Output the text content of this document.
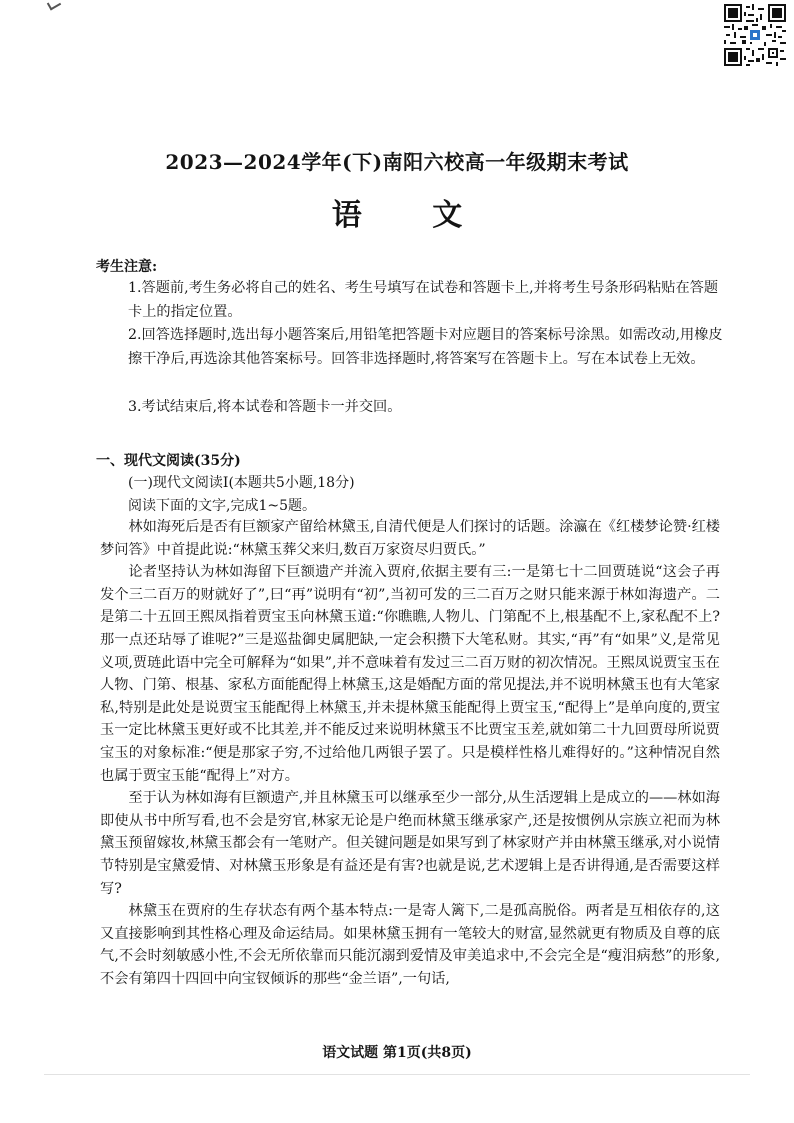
2023—2024学年(下)南阳六校高一年级期末考试
语 文
考生注意:
1.答题前,考生务必将自己的姓名、考生号填写在试卷和答题卡上,并将考生号条形码粘贴在答题卡上的指定位置。
2.回答选择题时,选出每小题答案后,用铅笔把答题卡对应题目的答案标号涂黑。如需改动,用橡皮擦干净后,再选涂其他答案标号。回答非选择题时,将答案写在答题卡上。写在本试卷上无效。
3.考试结束后,将本试卷和答题卡一并交回。
一、现代文阅读(35分)
(一)现代文阅读Ⅰ(本题共5小题,18分)
阅读下面的文字,完成1~5题。

林如海死后是否有巨额家产留给林黛玉,自清代便是人们探讨的话题。涂瀛在《红楼梦论赞·红楼梦问答》中首提此说:“林黛玉葬父来归,数百万家资尽归贾氏。”

论者坚持认为林如海留下巨额遗产并流入贾府,依据主要有三:一是第七十二回贾琏说“这会子再发个三二百万的财就好了”,曰“再”说明有“初”,当初可发的三二百万之财只能来源于林如海遗产。二是第二十五回王熙凤指着贾宝玉向林黛玉道:“你瞧瞧,人物儿、门第配不上,根基配不上,家私配不上?那一点还玷辱了谁呢?”三是巡盐御史属肥缺,一定会积攒下大笔私财。其实,“再”有“如果”义,是常见义项,贾琏此语中完全可解释为“如果”,并不意味着有发过三二百万财的初次情况。王熙凤说贾宝玉在人物、门第、根基、家私方面能配得上林黛玉,这是婚配方面的常见提法,并不说明林黛玉也有大笔家私,特别是此处是说贾宝玉能配得上林黛玉,并未提林黛玉能配得上贾宝玉,“配得上”是单向度的,贾宝玉一定比林黛玉更好或不比其差,并不能反过来说明林黛玉不比贾宝玉差,就如第二十九回贾母所说贾宝玉的对象标准:“便是那家子穷,不过给他几两银子罢了。只是模样性格儿难得好的。”这种情况自然也属于贾宝玉能“配得上”对方。

至于认为林如海有巨额遗产,并且林黛玉可以继承至少一部分,从生活逻辑上是成立的——林如海即使从书中所写看,也不会是穷官,林家无论是户绝而林黛玉继承家产,还是按惯例从宗族立祀而为林黛玉预留嫁妆,林黛玉都会有一笔财产。但关键问题是如果写到了林家财产并由林黛玉继承,对小说情节特别是宝黛爱情、对林黛玉形象是有益还是有害?也就是说,艺术逻辑上是否讲得通,是否需要这样写?

林黛玉在贾府的生存状态有两个基本特点:一是寄人篱下,二是孤高脱俗。两者是互相依存的,这又直接影响到其性格心理及命运结局。如果林黛玉拥有一笔较大的财富,显然就更有物质及自尊的底气,不会时刻敏感小性,不会无所依靠而只能沉溺到爱情及审美追求中,不会完全是“瘦泪病愁”的形象,不会有第四十四回中向宝钗倾诉的那些“金兰语”,一句话,

语文试题 第1页(共8页)
